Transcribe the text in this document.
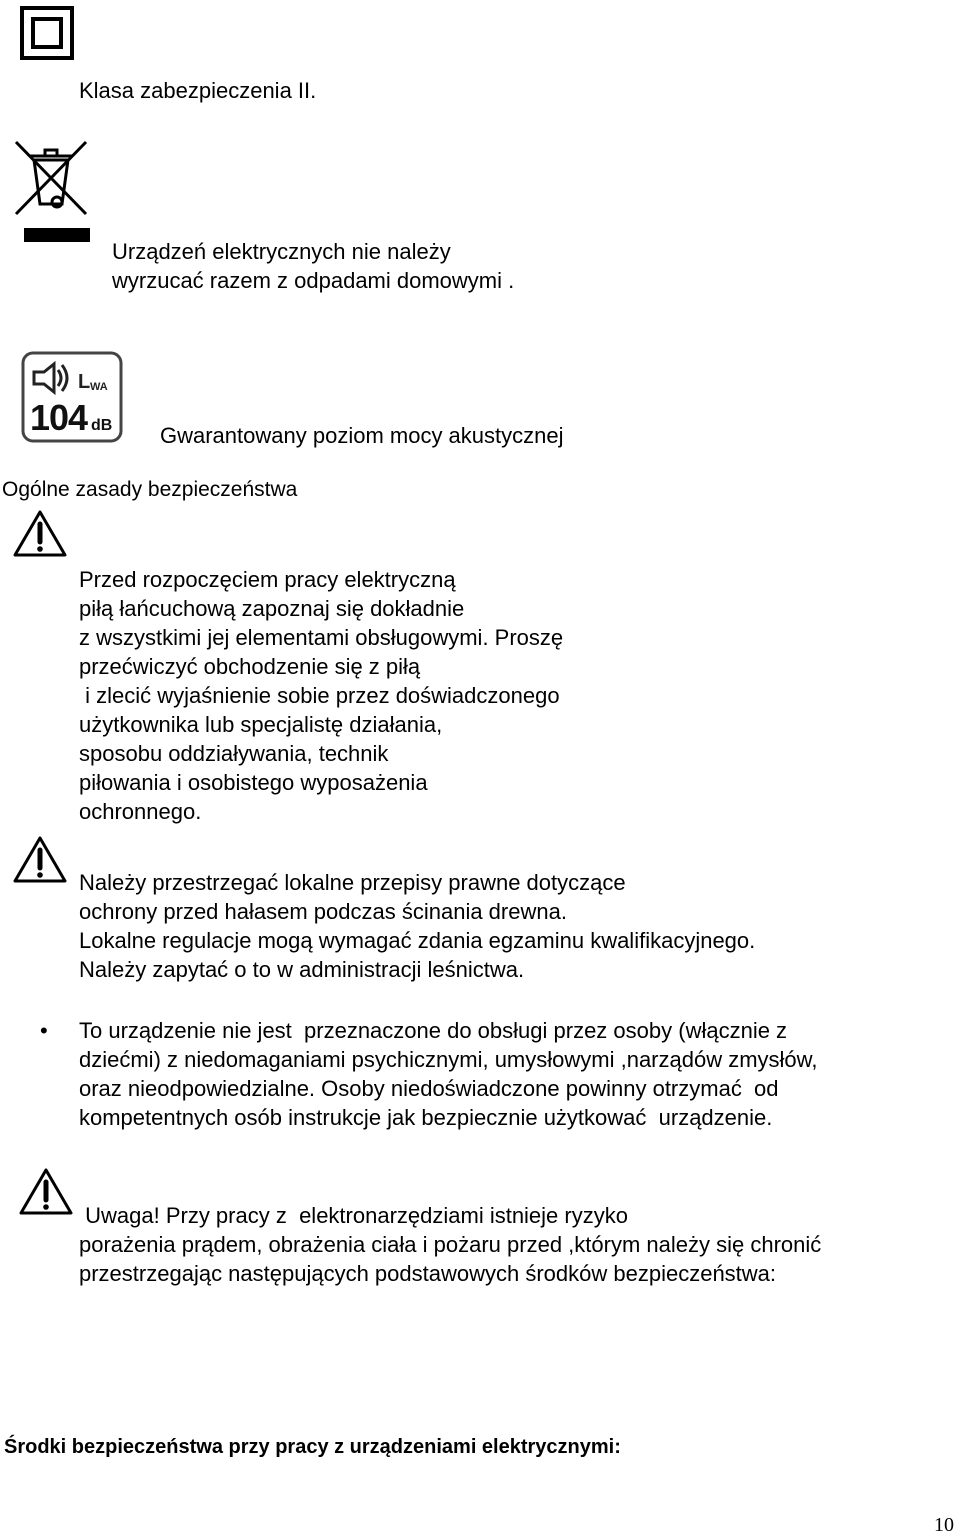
Klasa zabezpieczenia II.
Urządzeń elektrycznych nie należy
wyrzucać razem z odpadami domowymi .
L WA
104 dB Gwarantowany poziom mocy akustycznej
Ogólne zasady bezpieczeństwa
Przed rozpoczęciem pracy elektryczną
piłą łańcuchową zapoznaj się dokładnie
z wszystkimi jej elementami obsługowymi. Proszę
przećwiczyć obchodzenie się z piłą
i zlecić wyjaśnienie sobie przez doświadczonego
użytkownika lub specjalistę działania,
sposobu oddziaływania, technik
piłowania i osobistego wyposażenia
ochronnego.
Należy przestrzegać lokalne przepisy prawne dotyczące
ochrony przed hałasem podczas ścinania drewna.
Lokalne regulacje mogą wymagać zdania egzaminu kwalifikacyjnego.
Należy zapytać o to w administracji leśnictwa.
• To urządzenie nie jest  przeznaczone do obsługi przez osoby (włącznie z
dziećmi) z niedomaganiami psychicznymi, umysłowymi ,narządów zmysłów,
oraz nieodpowiedzialne. Osoby niedoświadczone powinny otrzymać  od
kompetentnych osób instrukcje jak bezpiecznie użytkować  urządzenie.
Uwaga! Przy pracy z  elektronarzędziami istnieje ryzyko
porażenia prądem, obrażenia ciała i pożaru przed ,którym należy się chronić
przestrzegając następujących podstawowych środków bezpieczeństwa:
Środki bezpieczeństwa przy pracy z urządzeniami elektrycznymi:
10
